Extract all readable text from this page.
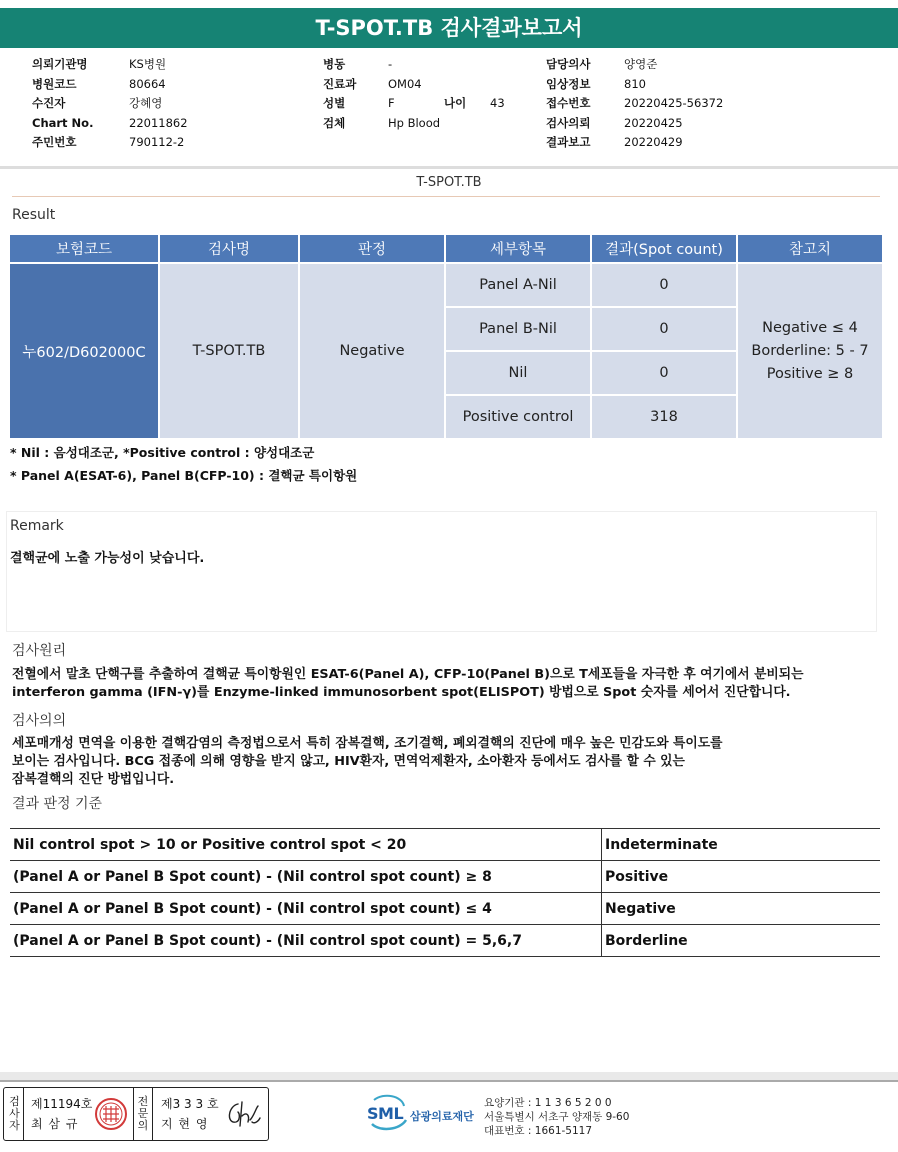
T-SPOT.TB 검사결과보고서
의뢰기관명	KS병원
병원코드	80664
수진자	강혜영
Chart No.	22011862
주민번호	790112-2
병동	-
진료과	OM04
성별	F	나이 43
검체	Hp Blood
담당의사	양영준
임상정보	810
접수번호	20220425-56372
검사의뢰	20220425
결과보고	20220429
T-SPOT.TB
Result
보험코드	검사명	판정	세부항목	결과(Spot count)	참고치
누602/D602000C	T-SPOT.TB	Negative	Panel A-Nil	0	Negative ≤ 4
Borderline: 5 - 7
Positive ≥ 8

			Panel B-Nil	0	
			Nil	0	
			Positive control	318	
* Nil : 음성대조군, *Positive control : 양성대조군
* Panel A(ESAT-6), Panel B(CFP-10) : 결핵균 특이항원
Remark
결핵균에 노출 가능성이 낮습니다.
검사원리
전혈에서 말초 단핵구를 추출하여 결핵균 특이항원인 ESAT-6(Panel A), CFP-10(Panel B)으로 T세포들을 자극한 후 여기에서 분비되는
interferon gamma (IFN-γ)를 Enzyme-linked immunosorbent spot(ELISPOT) 방법으로 Spot 숫자를 세어서 진단합니다.
검사의의
세포매개성 면역을 이용한 결핵감염의 측정법으로서 특히 잠복결핵, 조기결핵, 폐외결핵의 진단에 매우 높은 민감도와 특이도를
보이는 검사입니다. BCG 접종에 의해 영향을 받지 않고, HIV환자, 면역억제환자, 소아환자 등에서도 검사를 할 수 있는
잠복결핵의 진단 방법입니다.
결과 판정 기준
Nil control spot > 10 or Positive control spot < 20	Indeterminate
(Panel A or Panel B Spot count) - (Nil control spot count) ≥ 8	Positive
(Panel A or Panel B Spot count) - (Nil control spot count) ≤ 4	Negative
(Panel A or Panel B Spot count) - (Nil control spot count) = 5,6,7	Borderline
검
사
자
제11194호
최 삼 규
전
문
의
제3 3 3 호
지 현 영
SML 삼광의료재단
요양기관 : 1 1 3 6 5 2 0 0
서울특별시 서초구 양재동 9-60
대표번호 : 1661-5117
